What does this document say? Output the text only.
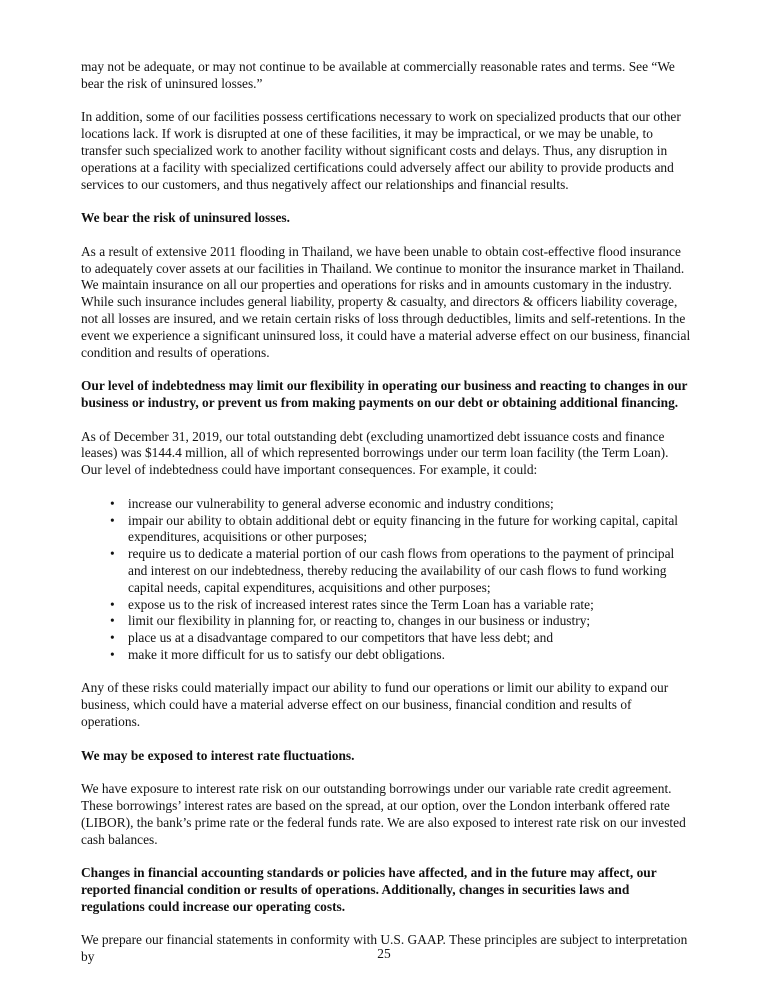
may not be adequate, or may not continue to be available at commercially reasonable rates and terms. See “We bear the risk of uninsured losses.”

In addition, some of our facilities possess certifications necessary to work on specialized products that our other locations lack. If work is disrupted at one of these facilities, it may be impractical, or we may be unable, to transfer such specialized work to another facility without significant costs and delays. Thus, any disruption in operations at a facility with specialized certifications could adversely affect our ability to provide products and services to our customers, and thus negatively affect our relationships and financial results.

We bear the risk of uninsured losses.

As a result of extensive 2011 flooding in Thailand, we have been unable to obtain cost-effective flood insurance to adequately cover assets at our facilities in Thailand. We continue to monitor the insurance market in Thailand. We maintain insurance on all our properties and operations for risks and in amounts customary in the industry. While such insurance includes general liability, property & casualty, and directors & officers liability coverage, not all losses are insured, and we retain certain risks of loss through deductibles, limits and self-retentions. In the event we experience a significant uninsured loss, it could have a material adverse effect on our business, financial condition and results of operations.

Our level of indebtedness may limit our flexibility in operating our business and reacting to changes in our business or industry, or prevent us from making payments on our debt or obtaining additional financing.

As of December 31, 2019, our total outstanding debt (excluding unamortized debt issuance costs and finance leases) was $144.4 million, all of which represented borrowings under our term loan facility (the Term Loan). Our level of indebtedness could have important consequences. For example, it could:

• increase our vulnerability to general adverse economic and industry conditions;
• impair our ability to obtain additional debt or equity financing in the future for working capital, capital expenditures, acquisitions or other purposes;
• require us to dedicate a material portion of our cash flows from operations to the payment of principal and interest on our indebtedness, thereby reducing the availability of our cash flows to fund working capital needs, capital expenditures, acquisitions and other purposes;
• expose us to the risk of increased interest rates since the Term Loan has a variable rate;
• limit our flexibility in planning for, or reacting to, changes in our business or industry;
• place us at a disadvantage compared to our competitors that have less debt; and
• make it more difficult for us to satisfy our debt obligations.

Any of these risks could materially impact our ability to fund our operations or limit our ability to expand our business, which could have a material adverse effect on our business, financial condition and results of operations.

We may be exposed to interest rate fluctuations.

We have exposure to interest rate risk on our outstanding borrowings under our variable rate credit agreement. These borrowings’ interest rates are based on the spread, at our option, over the London interbank offered rate (LIBOR), the bank’s prime rate or the federal funds rate. We are also exposed to interest rate risk on our invested cash balances.

Changes in financial accounting standards or policies have affected, and in the future may affect, our reported financial condition or results of operations. Additionally, changes in securities laws and regulations could increase our operating costs.

We prepare our financial statements in conformity with U.S. GAAP. These principles are subject to interpretation by	25
